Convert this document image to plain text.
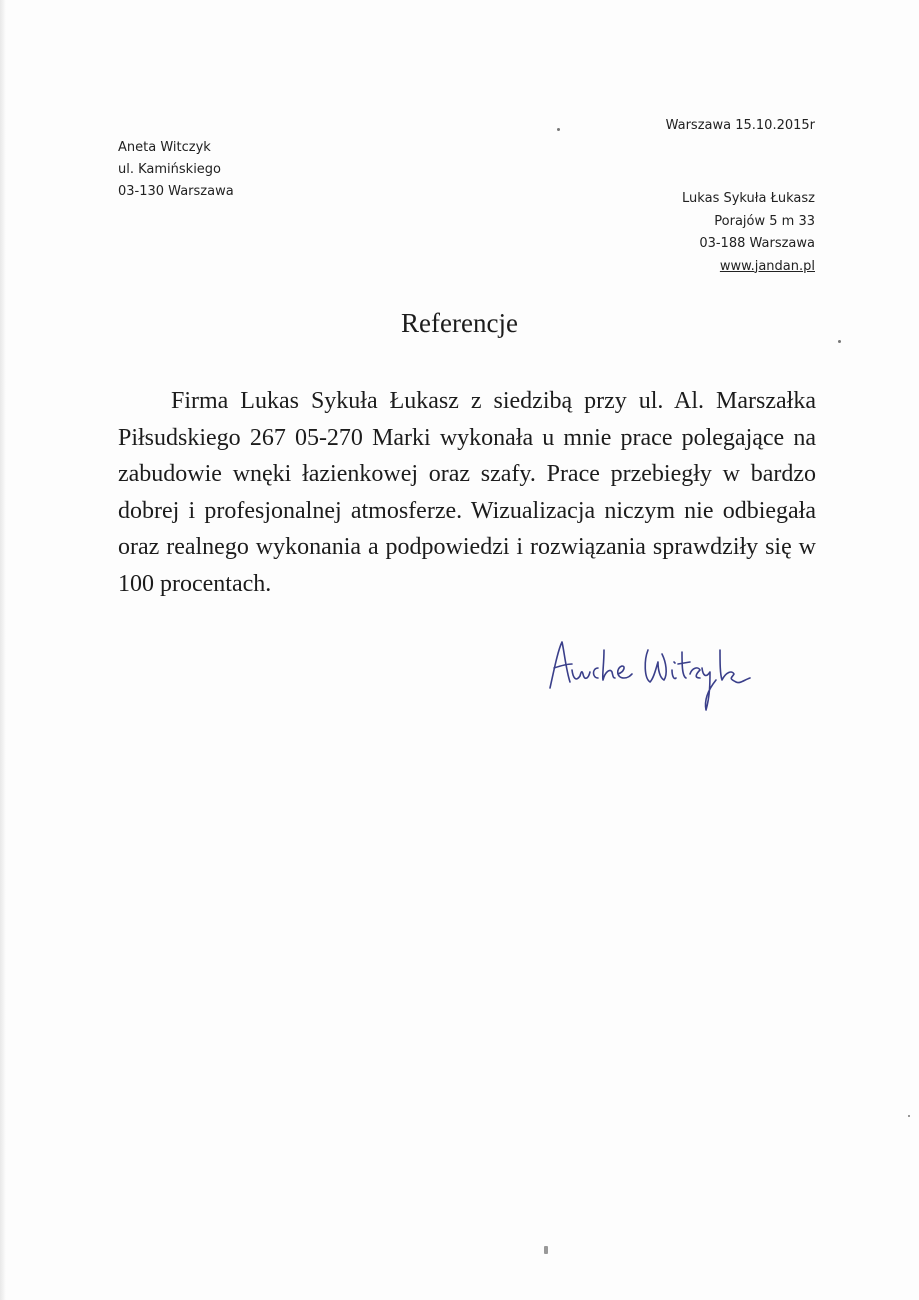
Aneta Witczyk
ul. Kamińskiego
03-130 Warszawa
Warszawa 15.10.2015r
Lukas Sykuła Łukasz
Porajów 5 m 33
03-188 Warszawa
www.jandan.pl
Referencje

Firma Lukas Sykuła Łukasz z siedzibą przy ul. Al. Marszałka Piłsudskiego 267 05-270 Marki wykonała u mnie prace polegające na zabudowie wnęki łazienkowej oraz szafy. Prace przebiegły w bardzo dobrej i profesjonalnej atmosferze. Wizualizacja niczym nie odbiegała oraz realnego wykonania a podpowiedzi i rozwiązania sprawdziły się w 100 procentach.
